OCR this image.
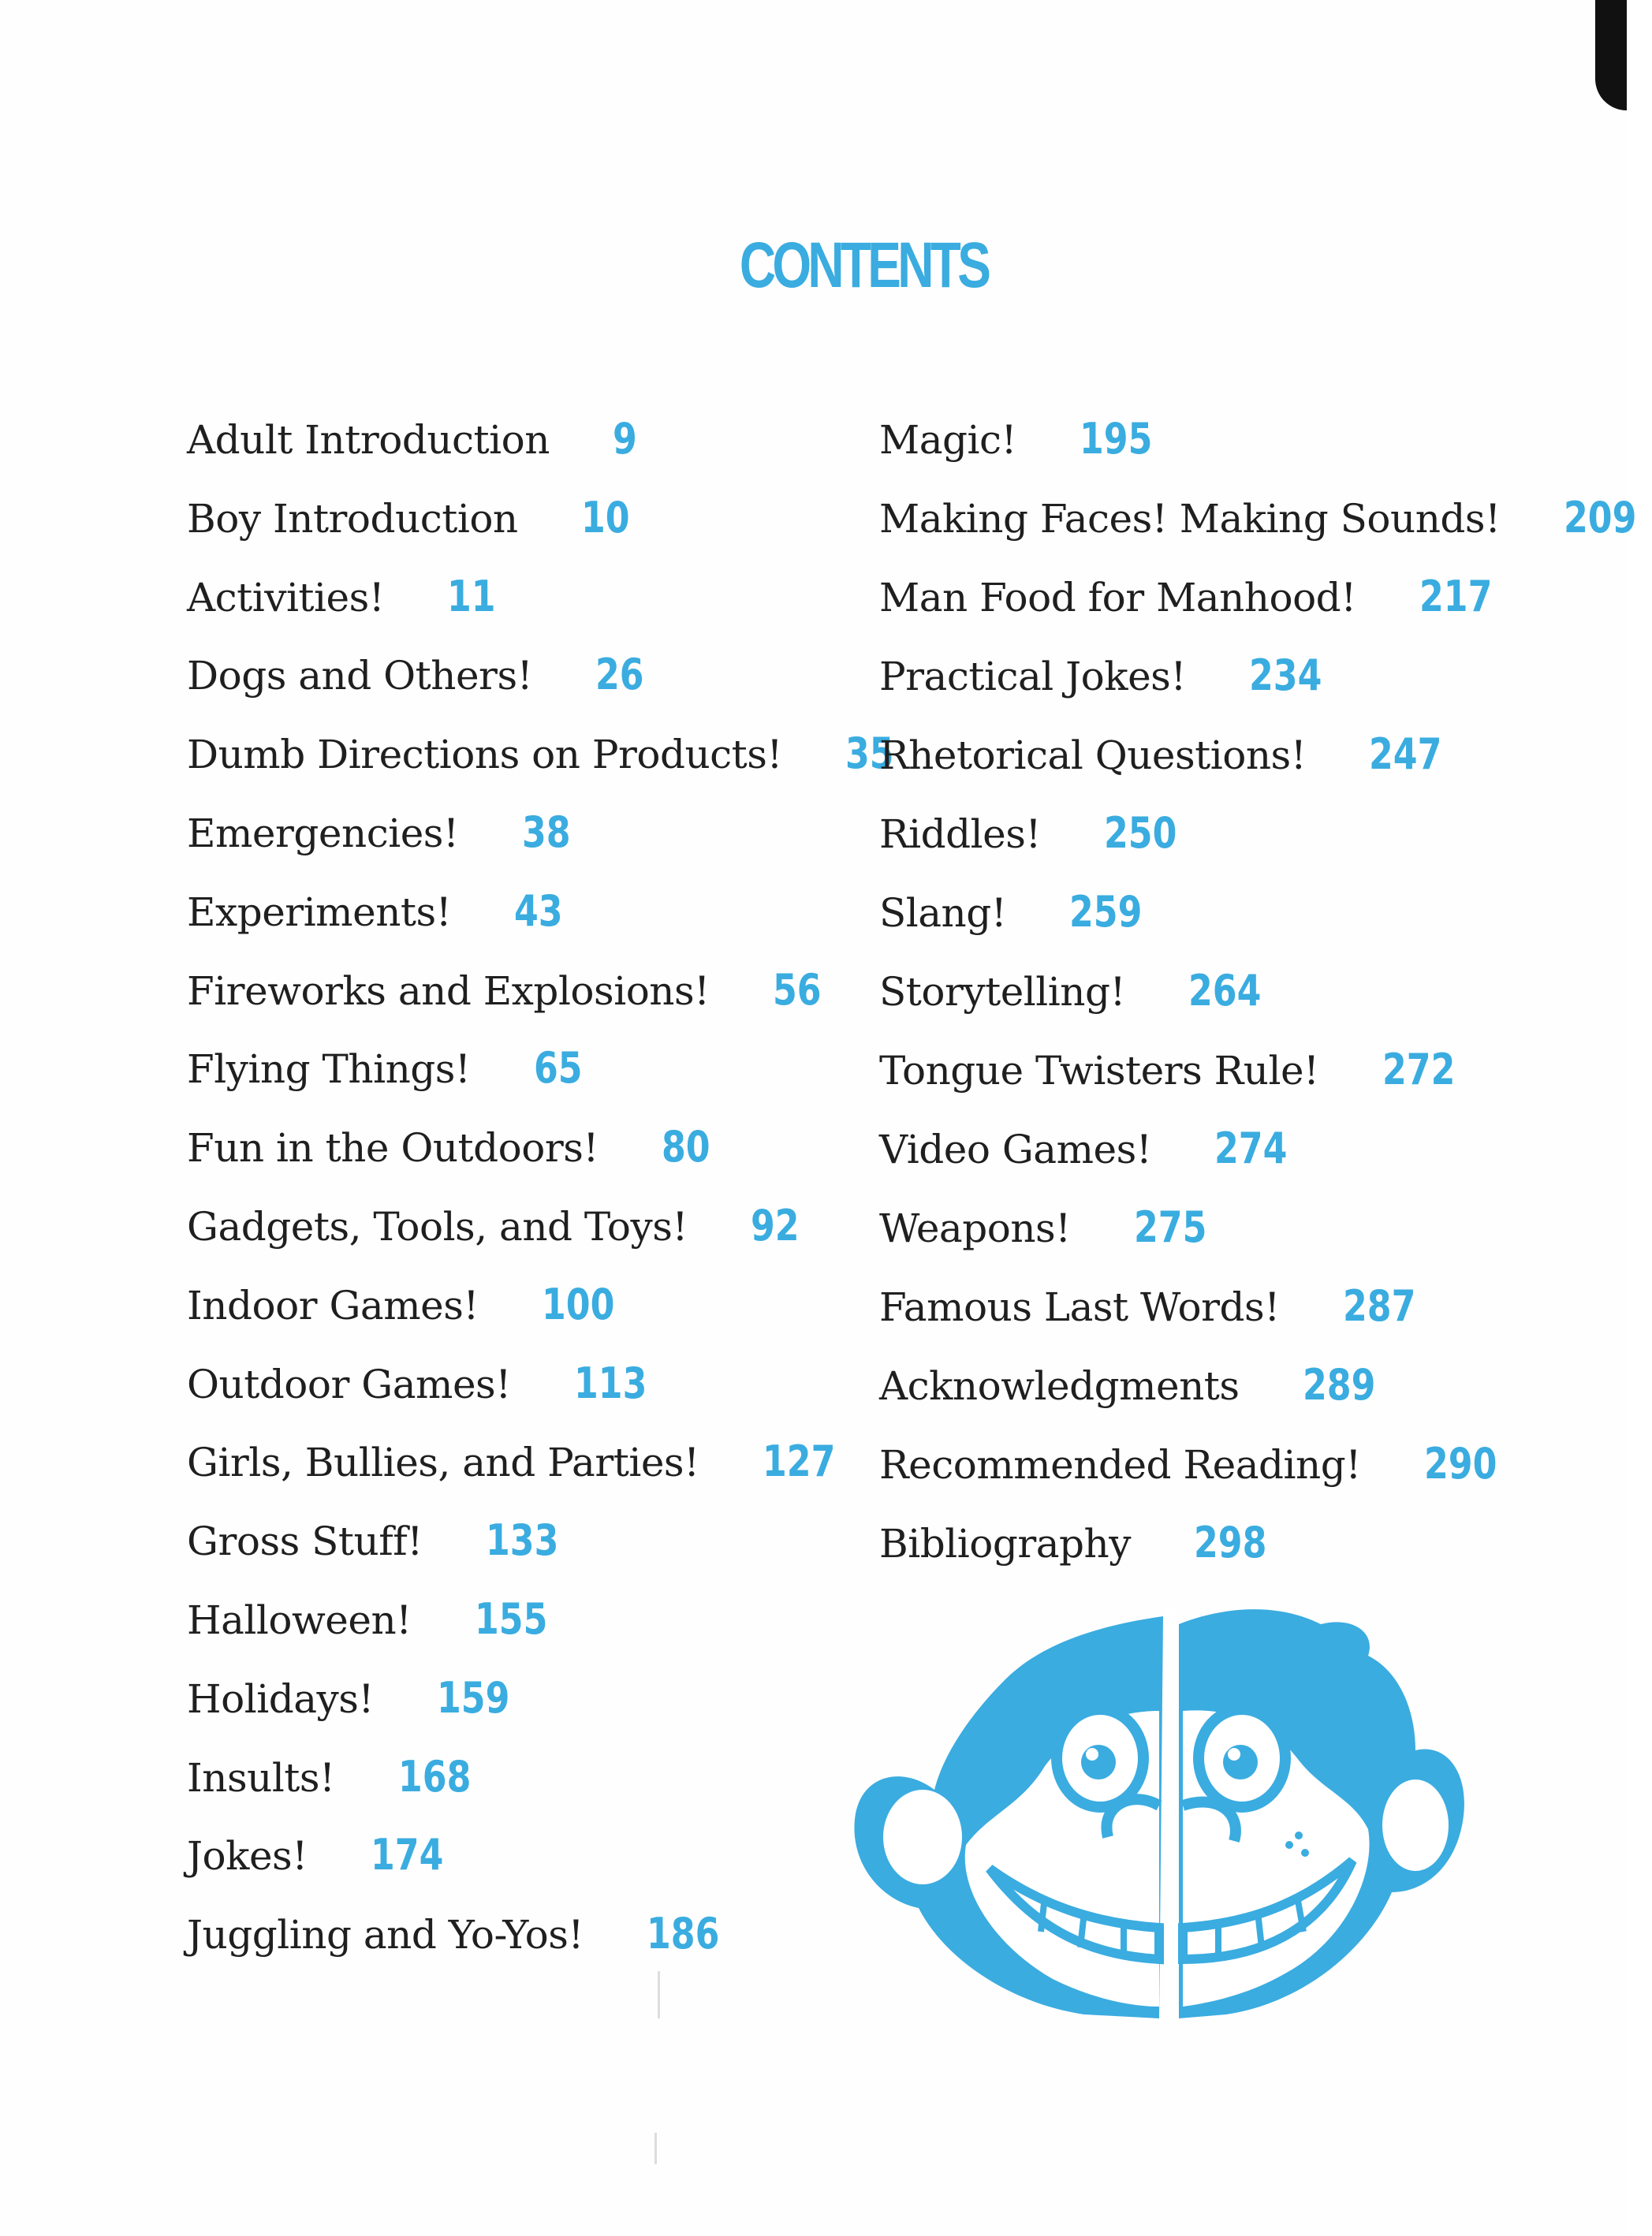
CONTENTS
Adult Introduction 9
Boy Introduction 10
Activities! 11
Dogs and Others! 26
Dumb Directions on Products! 35
Emergencies! 38
Experiments! 43
Fireworks and Explosions! 56
Flying Things! 65
Fun in the Outdoors! 80
Gadgets, Tools, and Toys! 92
Indoor Games! 100
Outdoor Games! 113
Girls, Bullies, and Parties! 127
Gross Stuff! 133
Halloween! 155
Holidays! 159
Insults! 168
Jokes! 174
Juggling and Yo-Yos! 186
Magic! 195
Making Faces! Making Sounds! 209
Man Food for Manhood! 217
Practical Jokes! 234
Rhetorical Questions! 247
Riddles! 250
Slang! 259
Storytelling! 264
Tongue Twisters Rule! 272
Video Games! 274
Weapons! 275
Famous Last Words! 287
Acknowledgments 289
Recommended Reading! 290
Bibliography 298
